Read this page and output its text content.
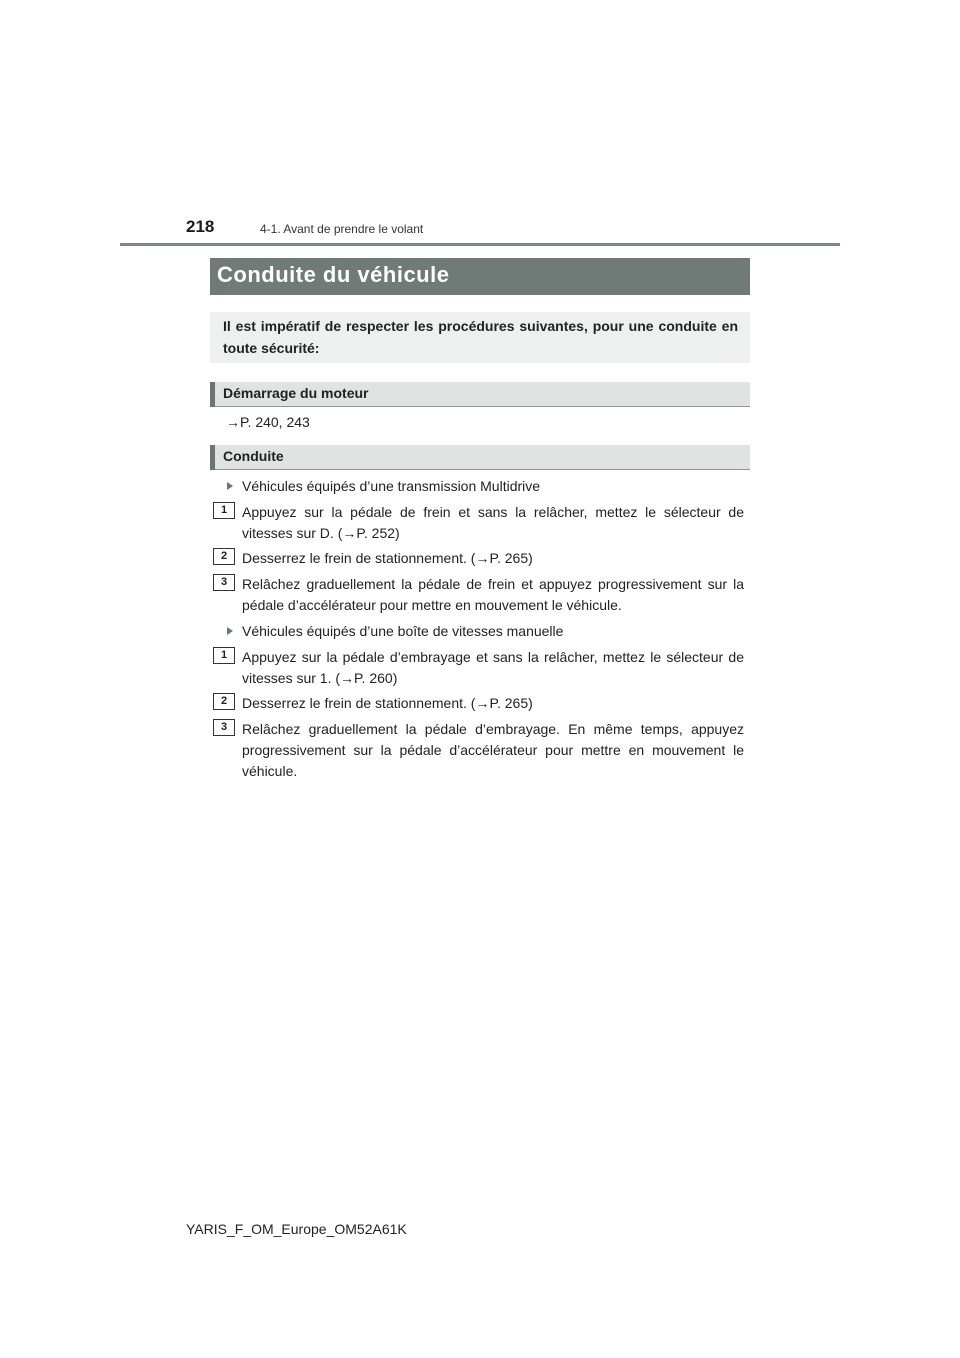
218	4-1. Avant de prendre le volant
Conduite du véhicule

Il est impératif de respecter les procédures suivantes, pour une conduite en toute sécurité:

Démarrage du moteur
→P. 240, 243
Conduite
Véhicules équipés d’une transmission Multidrive
1	Appuyez sur la pédale de frein et sans la relâcher, mettez le sélecteur de vitesses sur D. (→P. 252)

2	Desserrez le frein de stationnement. (→P. 265)

3	Relâchez graduellement la pédale de frein et appuyez progressivement sur la pédale d’accélérateur pour mettre en mouvement le véhicule.

Véhicules équipés d’une boîte de vitesses manuelle
1	Appuyez sur la pédale d’embrayage et sans la relâcher, mettez le sélecteur de vitesses sur 1. (→P. 260)

2	Desserrez le frein de stationnement. (→P. 265)

3	Relâchez graduellement la pédale d’embrayage. En même temps, appuyez progressivement sur la pédale d’accélérateur pour mettre en mouvement le véhicule.

YARIS_F_OM_Europe_OM52A61K
